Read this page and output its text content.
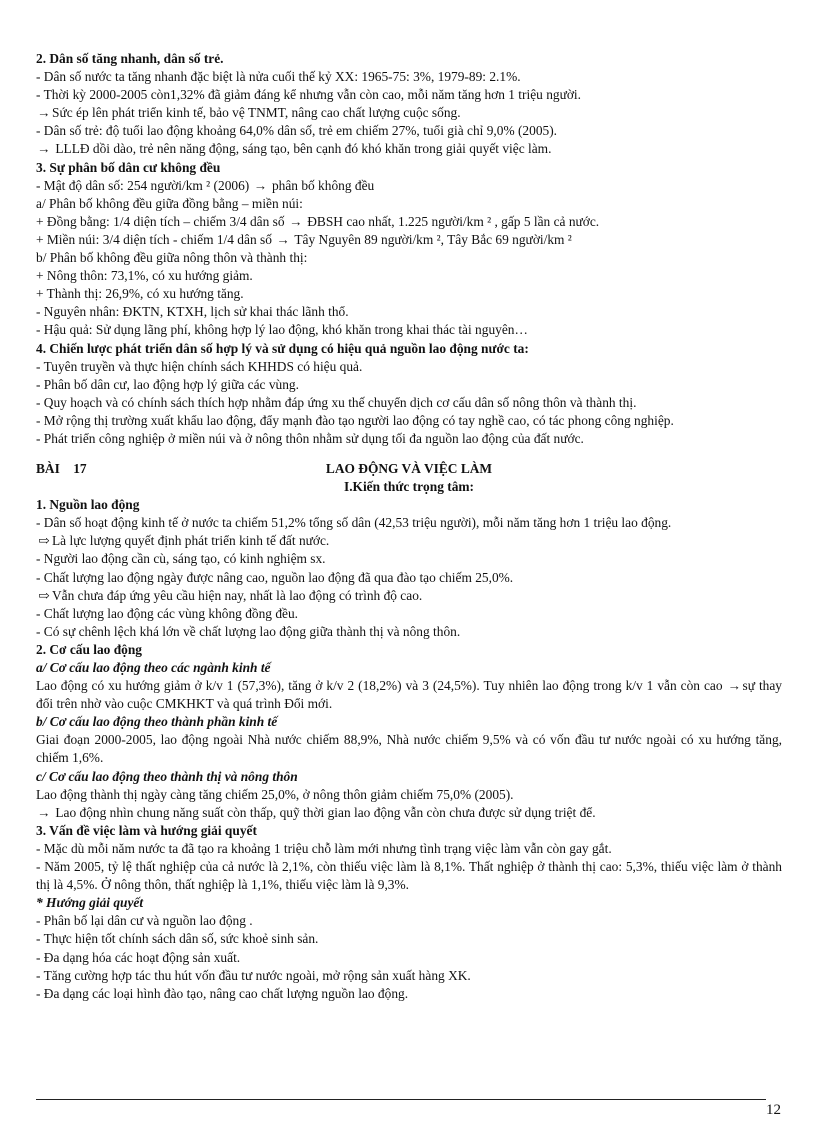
2. Dân số tăng nhanh, dân số trẻ.

- Dân số nước ta tăng nhanh đặc biệt là nửa cuối thế kỷ XX: 1965-75: 3%, 1979-89: 2.1%.

- Thời kỳ 2000-2005 còn1,32% đã giảm đáng kể nhưng vẫn còn cao, mỗi năm tăng hơn 1 triệu người.

→Sức ép lên phát triển kinh tế, bảo vệ TNMT, nâng cao chất lượng cuộc sống.

- Dân số trẻ: độ tuổi lao động khoảng 64,0% dân số, trẻ em chiếm 27%, tuổi già chỉ 9,0% (2005).

→ LLLĐ dồi dào, trẻ nên năng động, sáng tạo, bên cạnh đó khó khăn trong giải quyết việc làm.

3. Sự phân bố dân cư không đều

- Mật độ dân số: 254 người/km ² (2006) → phân bố không đều

a/ Phân bố không đều giữa đồng bằng – miền núi:

+ Đồng bằng: 1/4 diện tích – chiếm 3/4 dân số → ĐBSH cao nhất, 1.225 người/km ² , gấp 5 lần cả nước.

+ Miền núi: 3/4 diện tích - chiếm 1/4 dân số → Tây Nguyên 89 người/km ², Tây Bắc 69 người/km ²

b/ Phân bố không đều giữa nông thôn và thành thị:

+ Nông thôn: 73,1%, có xu hướng giảm.

+ Thành thị: 26,9%, có xu hướng tăng.

- Nguyên nhân: ĐKTN, KTXH, lịch sử khai thác lãnh thổ.

- Hậu quả: Sử dụng lãng phí, không hợp lý lao động, khó khăn trong khai thác tài nguyên…

4. Chiến lược phát triển dân số hợp lý và sử dụng có hiệu quả nguồn lao động nước ta:

- Tuyên truyền và thực hiện chính sách KHHDS có hiệu quả.

- Phân bố dân cư, lao động hợp lý giữa các vùng.

- Quy hoạch và có chính sách thích hợp nhằm đáp ứng xu thế chuyển dịch cơ cấu dân số nông thôn và thành thị.

- Mở rộng thị trường xuất khẩu lao động, đẩy mạnh đào tạo người lao động có tay nghề cao, có tác phong công nghiệp.

- Phát triển công nghiệp ở miền núi và ở nông thôn nhằm sử dụng tối đa nguồn lao động của đất nước.

LAO ĐỘNG VÀ VIỆC LÀM
BÀI    17

I.Kiến thức trọng tâm:

1. Nguồn lao động

- Dân số hoạt động kinh tế ở nước ta chiếm 51,2% tổng số dân (42,53 triệu người), mỗi năm tăng hơn 1 triệu lao động.

⇨ Là lực lượng quyết định phát triển kinh tế đất nước.

- Người lao động cần cù, sáng tạo, có kinh nghiệm sx.

- Chất lượng lao động ngày được nâng cao, nguồn lao động đã qua đào tạo chiếm 25,0%.

⇨ Vẫn chưa đáp ứng yêu cầu hiện nay, nhất là lao động có trình độ cao.

- Chất lượng lao động các vùng không đồng đều.

- Có sự chênh lệch khá lớn về chất lượng lao động giữa thành thị và nông thôn.

2. Cơ cấu lao động

a/ Cơ cấu lao động theo các ngành kinh tế

Lao động có xu hướng giảm ở k/v 1 (57,3%), tăng ở k/v 2 (18,2%) và 3 (24,5%). Tuy nhiên lao động trong k/v 1 vẫn còn cao →sự thay đổi trên nhờ vào cuộc CMKHKT và quá trình Đổi mới.

b/ Cơ cấu lao động theo thành phần kinh tế

Giai đoạn 2000-2005, lao động ngoài Nhà nước chiếm 88,9%, Nhà nước chiếm 9,5% và có vốn đầu tư nước ngoài có xu hướng tăng, chiếm 1,6%.

c/ Cơ cấu lao động theo thành thị và nông thôn

Lao động thành thị ngày càng tăng chiếm 25,0%, ở nông thôn giảm chiếm 75,0% (2005).

→ Lao động nhìn chung năng suất còn thấp, quỹ thời gian lao động vẫn còn chưa được sử dụng triệt để.

3. Vấn đề việc làm và hướng giải quyết

- Mặc dù mỗi năm nước ta đã tạo ra khoảng 1 triệu chỗ làm mới nhưng tình trạng việc làm vẫn còn gay gắt.

- Năm 2005, tỷ lệ thất nghiệp của cả nước là 2,1%, còn thiếu việc làm là 8,1%. Thất nghiệp ở thành thị cao: 5,3%, thiếu việc làm ở thành thị là 4,5%. Ở nông thôn, thất nghiệp là 1,1%, thiếu việc làm là 9,3%.

* Hướng giải quyết

- Phân bố lại dân cư và nguồn lao động .

- Thực hiện tốt chính sách dân số, sức khoẻ sinh sản.

- Đa dạng hóa các hoạt động sản xuất.

- Tăng cường hợp tác thu hút vốn đầu tư nước ngoài, mở rộng sản xuất hàng XK.

- Đa dạng các loại hình đào tạo, nâng cao chất lượng nguồn lao động.

12
